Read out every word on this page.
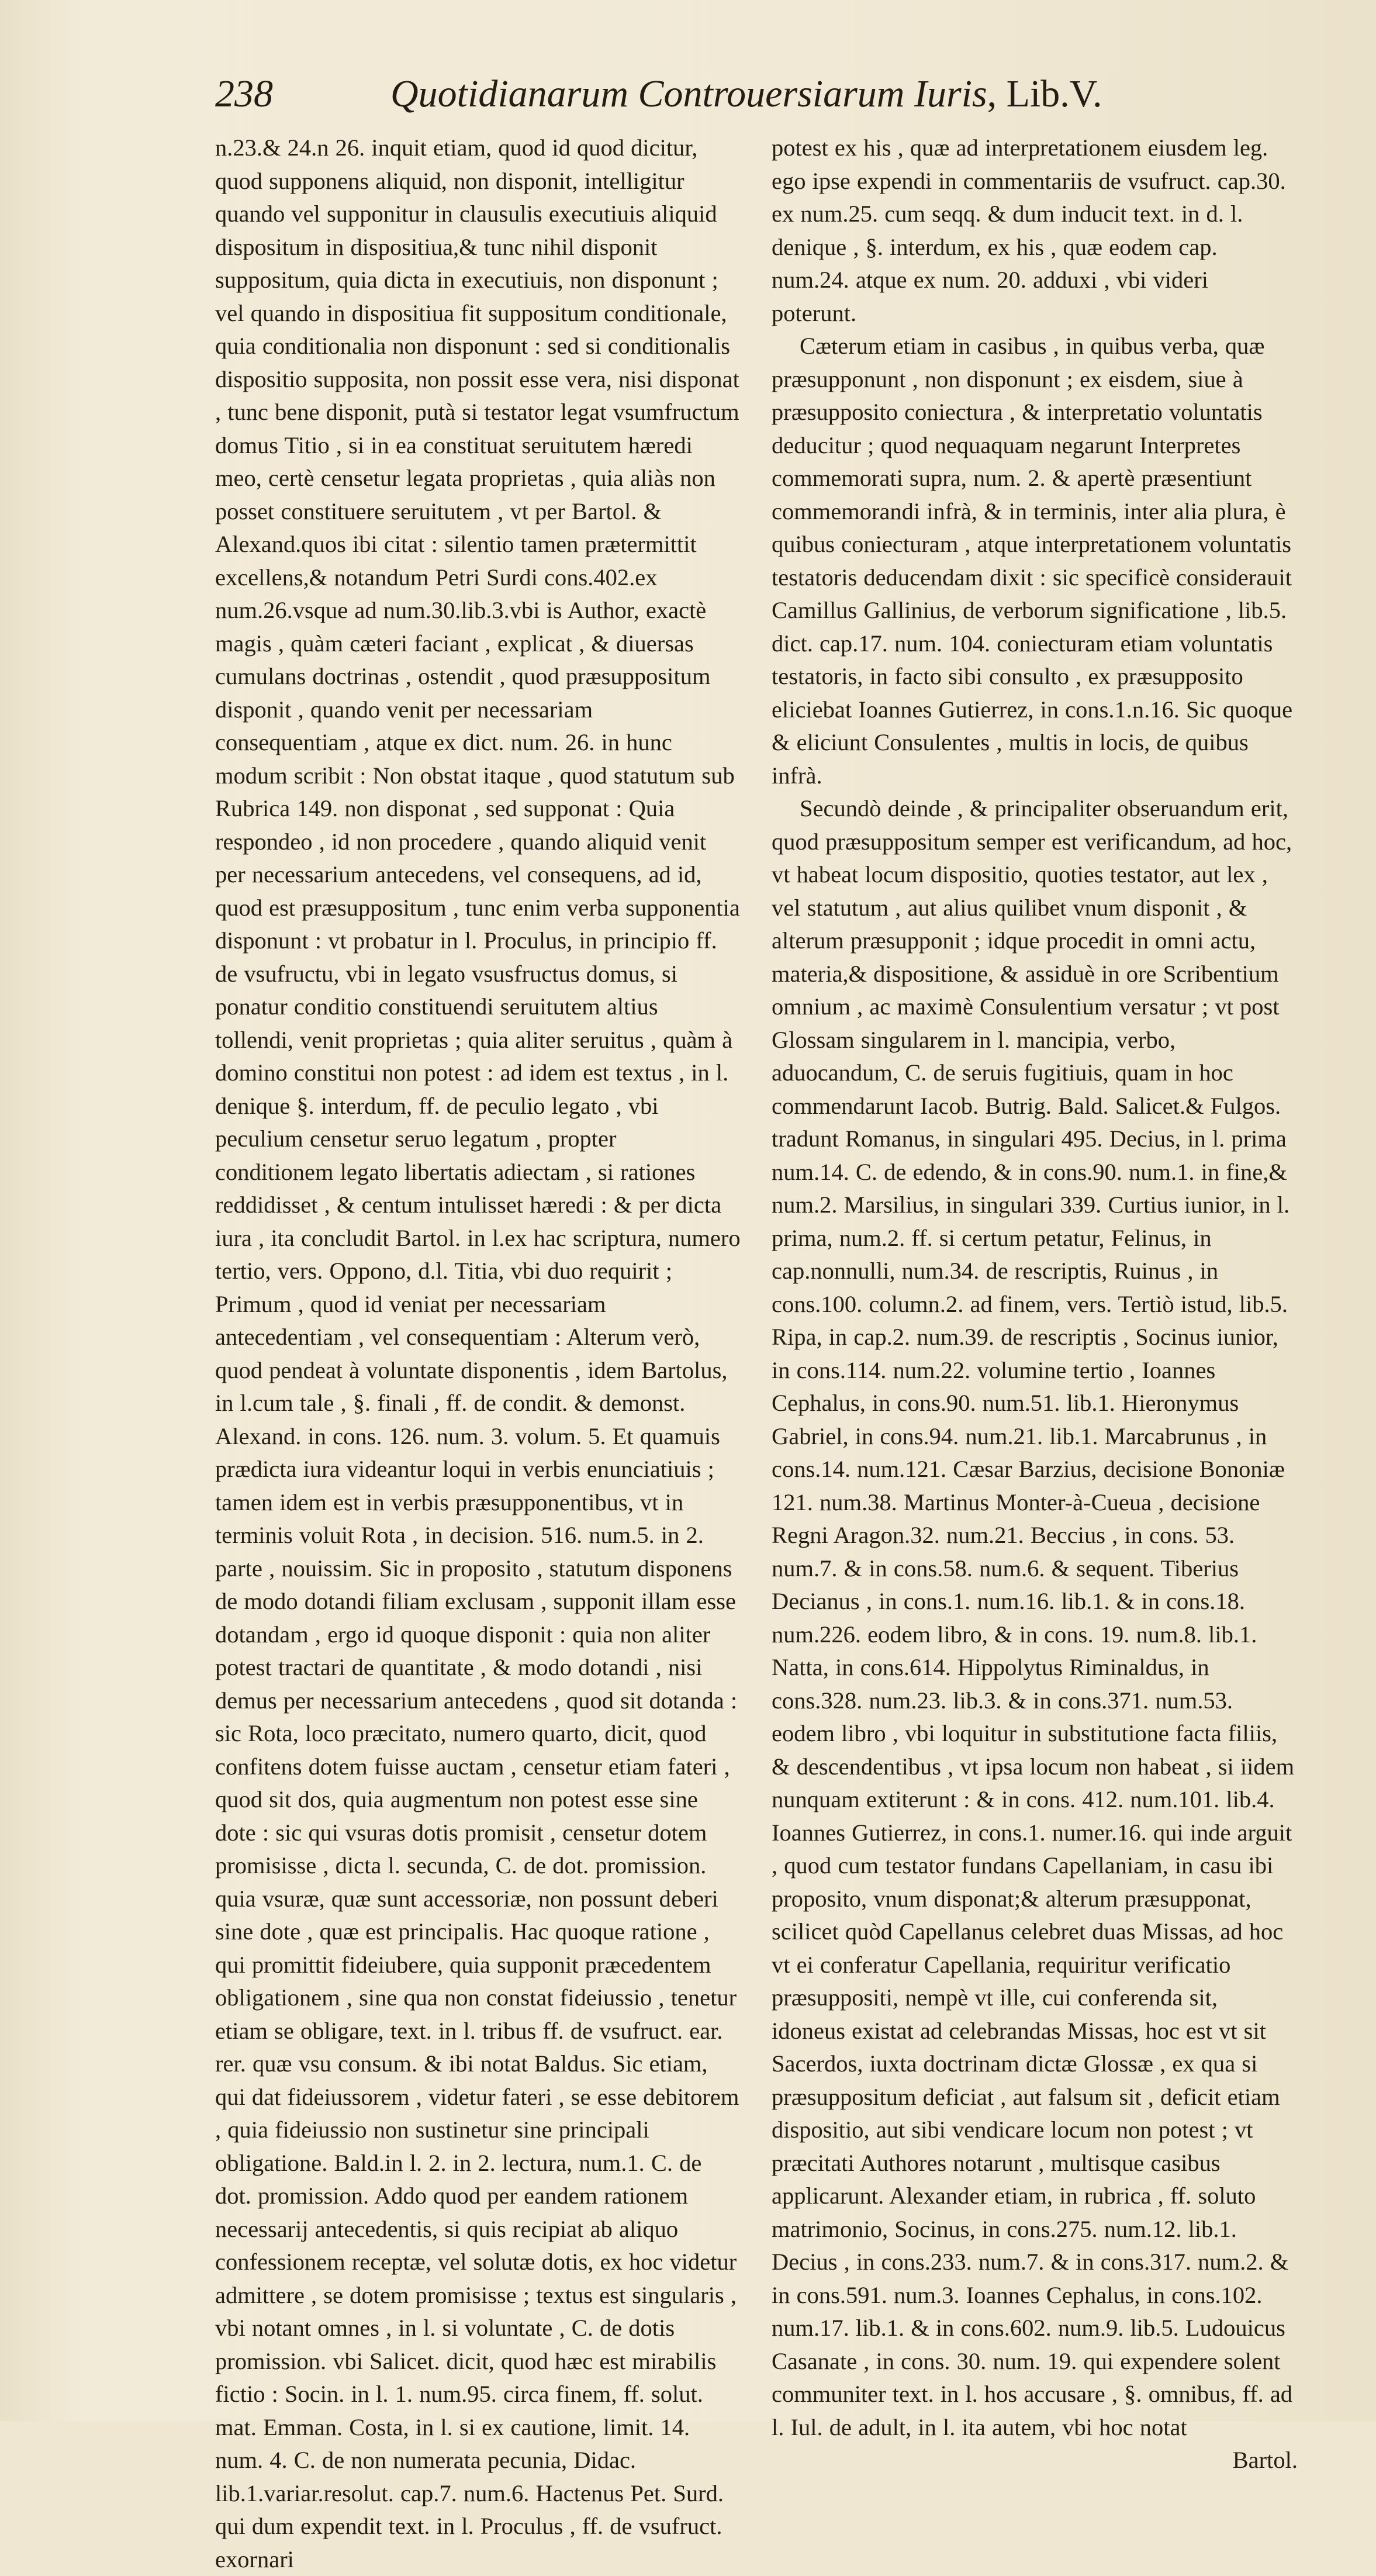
238	Quotidianarum Controuersiarum Iuris, Lib.V.

n.23.& 24.n 26. inquit etiam, quod id quod dicitur, quod supponens aliquid, non disponit, intelligitur quando vel supponitur in clausulis executiuis aliquid dispositum in dispositiua,& tunc nihil disponit suppositum, quia dicta in executiuis, non disponunt ; vel quando in dispositiua fit suppositum conditionale, quia conditionalia non disponunt : sed si conditionalis dispositio supposita, non possit esse vera, nisi disponat , tunc bene disponit, putà si testator legat vsumfructum domus Titio , si in ea constituat seruitutem hæredi meo, certè censetur legata proprietas , quia aliàs non posset constituere seruitutem , vt per Bartol. & Alexand.quos ibi citat : silentio tamen prætermittit excellens,& notandum Petri Surdi cons.402.ex num.26.vsque ad num.30.lib.3.vbi is Author, exactè magis , quàm cæteri faciant , explicat , & diuersas cumulans doctrinas , ostendit , quod præsuppositum disponit , quando venit per necessariam consequentiam , atque ex dict. num. 26. in hunc modum scribit : Non obstat itaque , quod statutum sub Rubrica 149. non disponat , sed supponat : Quia respondeo , id non procedere , quando aliquid venit per necessarium antecedens, vel consequens, ad id, quod est præsuppositum , tunc enim verba supponentia disponunt : vt probatur in l. Proculus, in principio ff. de vsufructu, vbi in legato vsusfructus domus, si ponatur conditio constituendi seruitutem altius tollendi, venit proprietas ; quia aliter seruitus , quàm à domino constitui non potest : ad idem est textus , in l. denique §. interdum, ff. de peculio legato , vbi peculium censetur seruo legatum , propter conditionem legato libertatis adiectam , si rationes reddidisset , & centum intulisset hæredi : & per dicta iura , ita concludit Bartol. in l.ex hac scriptura, numero tertio, vers. Oppono, d.l. Titia, vbi duo requirit ; Primum , quod id veniat per necessariam antecedentiam , vel consequentiam : Alterum verò, quod pendeat à voluntate disponentis , idem Bartolus, in l.cum tale , §. finali , ff. de condit. & demonst. Alexand. in cons. 126. num. 3. volum. 5. Et quamuis prædicta iura videantur loqui in verbis enunciatiuis ; tamen idem est in verbis præsupponentibus, vt in terminis voluit Rota , in decision. 516. num.5. in 2. parte , nouissim. Sic in proposito , statutum disponens de modo dotandi filiam exclusam , supponit illam esse dotandam , ergo id quoque disponit : quia non aliter potest tractari de quantitate , & modo dotandi , nisi demus per necessarium antecedens , quod sit dotanda : sic Rota, loco præcitato, numero quarto, dicit, quod confitens dotem fuisse auctam , censetur etiam fateri , quod sit dos, quia augmentum non potest esse sine dote : sic qui vsuras dotis promisit , censetur dotem promisisse , dicta l. secunda, C. de dot. promission. quia vsuræ, quæ sunt accessoriæ, non possunt deberi sine dote , quæ est principalis. Hac quoque ratione , qui promittit fideiubere, quia supponit præcedentem obligationem , sine qua non constat fideiussio , tenetur etiam se obligare, text. in l. tribus ff. de vsufruct. ear. rer. quæ vsu consum. & ibi notat Baldus. Sic etiam, qui dat fideiussorem , videtur fateri , se esse debitorem , quia fideiussio non sustinetur sine principali obligatione. Bald.in l. 2. in 2. lectura, num.1. C. de dot. promission. Addo quod per eandem rationem necessarij antecedentis, si quis recipiat ab aliquo confessionem receptæ, vel solutæ dotis, ex hoc videtur admittere , se dotem promisisse ; textus est singularis , vbi notant omnes , in l. si voluntate , C. de dotis promission. vbi Salicet. dicit, quod hæc est mirabilis fictio : Socin. in l. 1. num.95. circa finem, ff. solut. mat. Emman. Costa, in l. si ex cautione, limit. 14. num. 4. C. de non numerata pecunia, Didac. lib.1.variar.resolut. cap.7. num.6. Hactenus Pet. Surd. qui dum expendit text. in l. Proculus , ff. de vsufruct. exornari

potest ex his , quæ ad interpretationem eiusdem leg. ego ipse expendi in commentariis de vsufruct. cap.30. ex num.25. cum seqq. & dum inducit text. in d. l. denique , §. interdum, ex his , quæ eodem cap. num.24. atque ex num. 20. adduxi , vbi videri poterunt.

Cæterum etiam in casibus , in quibus verba, quæ præsupponunt , non disponunt ; ex eisdem, siue à præsupposito coniectura , & interpretatio voluntatis deducitur ; quod nequaquam negarunt Interpretes commemorati supra, num. 2. & apertè præsentiunt commemorandi infrà, & in terminis, inter alia plura, è quibus coniecturam , atque interpretationem voluntatis testatoris deducendam dixit : sic specificè considerauit Camillus Gallinius, de verborum significatione , lib.5. dict. cap.17. num. 104. coniecturam etiam voluntatis testatoris, in facto sibi consulto , ex præsupposito eliciebat Ioannes Gutierrez, in cons.1.n.16. Sic quoque & eliciunt Consulentes , multis in locis, de quibus infrà.

Secundò deinde , & principaliter obseruandum erit, quod præsuppositum semper est verificandum, ad hoc, vt habeat locum dispositio, quoties testator, aut lex , vel statutum , aut alius quilibet vnum disponit , & alterum præsupponit ; idque procedit in omni actu, materia,& dispositione, & assiduè in ore Scribentium omnium , ac maximè Consulentium versatur ; vt post Glossam singularem in l. mancipia, verbo, aduocandum, C. de seruis fugitiuis, quam in hoc commendarunt Iacob. Butrig. Bald. Salicet.& Fulgos. tradunt Romanus, in singulari 495. Decius, in l. prima num.14. C. de edendo, & in cons.90. num.1. in fine,& num.2. Marsilius, in singulari 339. Curtius iunior, in l. prima, num.2. ff. si certum petatur, Felinus, in cap.nonnulli, num.34. de rescriptis, Ruinus , in cons.100. column.2. ad finem, vers. Tertiò istud, lib.5. Ripa, in cap.2. num.39. de rescriptis , Socinus iunior, in cons.114. num.22. volumine tertio , Ioannes Cephalus, in cons.90. num.51. lib.1. Hieronymus Gabriel, in cons.94. num.21. lib.1. Marcabrunus , in cons.14. num.121. Cæsar Barzius, decisione Bononiæ 121. num.38. Martinus Monter-à-Cueua , decisione Regni Aragon.32. num.21. Beccius , in cons. 53. num.7. & in cons.58. num.6. & sequent. Tiberius Decianus , in cons.1. num.16. lib.1. & in cons.18. num.226. eodem libro, & in cons. 19. num.8. lib.1. Natta, in cons.614. Hippolytus Riminaldus, in cons.328. num.23. lib.3. & in cons.371. num.53. eodem libro , vbi loquitur in substitutione facta filiis, & descendentibus , vt ipsa locum non habeat , si iidem nunquam extiterunt : & in cons. 412. num.101. lib.4. Ioannes Gutierrez, in cons.1. numer.16. qui inde arguit , quod cum testator fundans Capellaniam, in casu ibi proposito, vnum disponat;& alterum præsupponat, scilicet quòd Capellanus celebret duas Missas, ad hoc vt ei conferatur Capellania, requiritur verificatio præsuppositi, nempè vt ille, cui conferenda sit, idoneus existat ad celebrandas Missas, hoc est vt sit Sacerdos, iuxta doctrinam dictæ Glossæ , ex qua si præsuppositum deficiat , aut falsum sit , deficit etiam dispositio, aut sibi vendicare locum non potest ; vt præcitati Authores notarunt , multisque casibus applicarunt. Alexander etiam, in rubrica , ff. soluto matrimonio, Socinus, in cons.275. num.12. lib.1. Decius , in cons.233. num.7. & in cons.317. num.2. & in cons.591. num.3. Ioannes Cephalus, in cons.102. num.17. lib.1. & in cons.602. num.9. lib.5. Ludouicus Casanate , in cons. 30. num. 19. qui expendere solent communiter text. in l. hos accusare , §. omnibus, ff. ad l. Iul. de adult, in l. ita autem, vbi hoc notat

Bartol.
